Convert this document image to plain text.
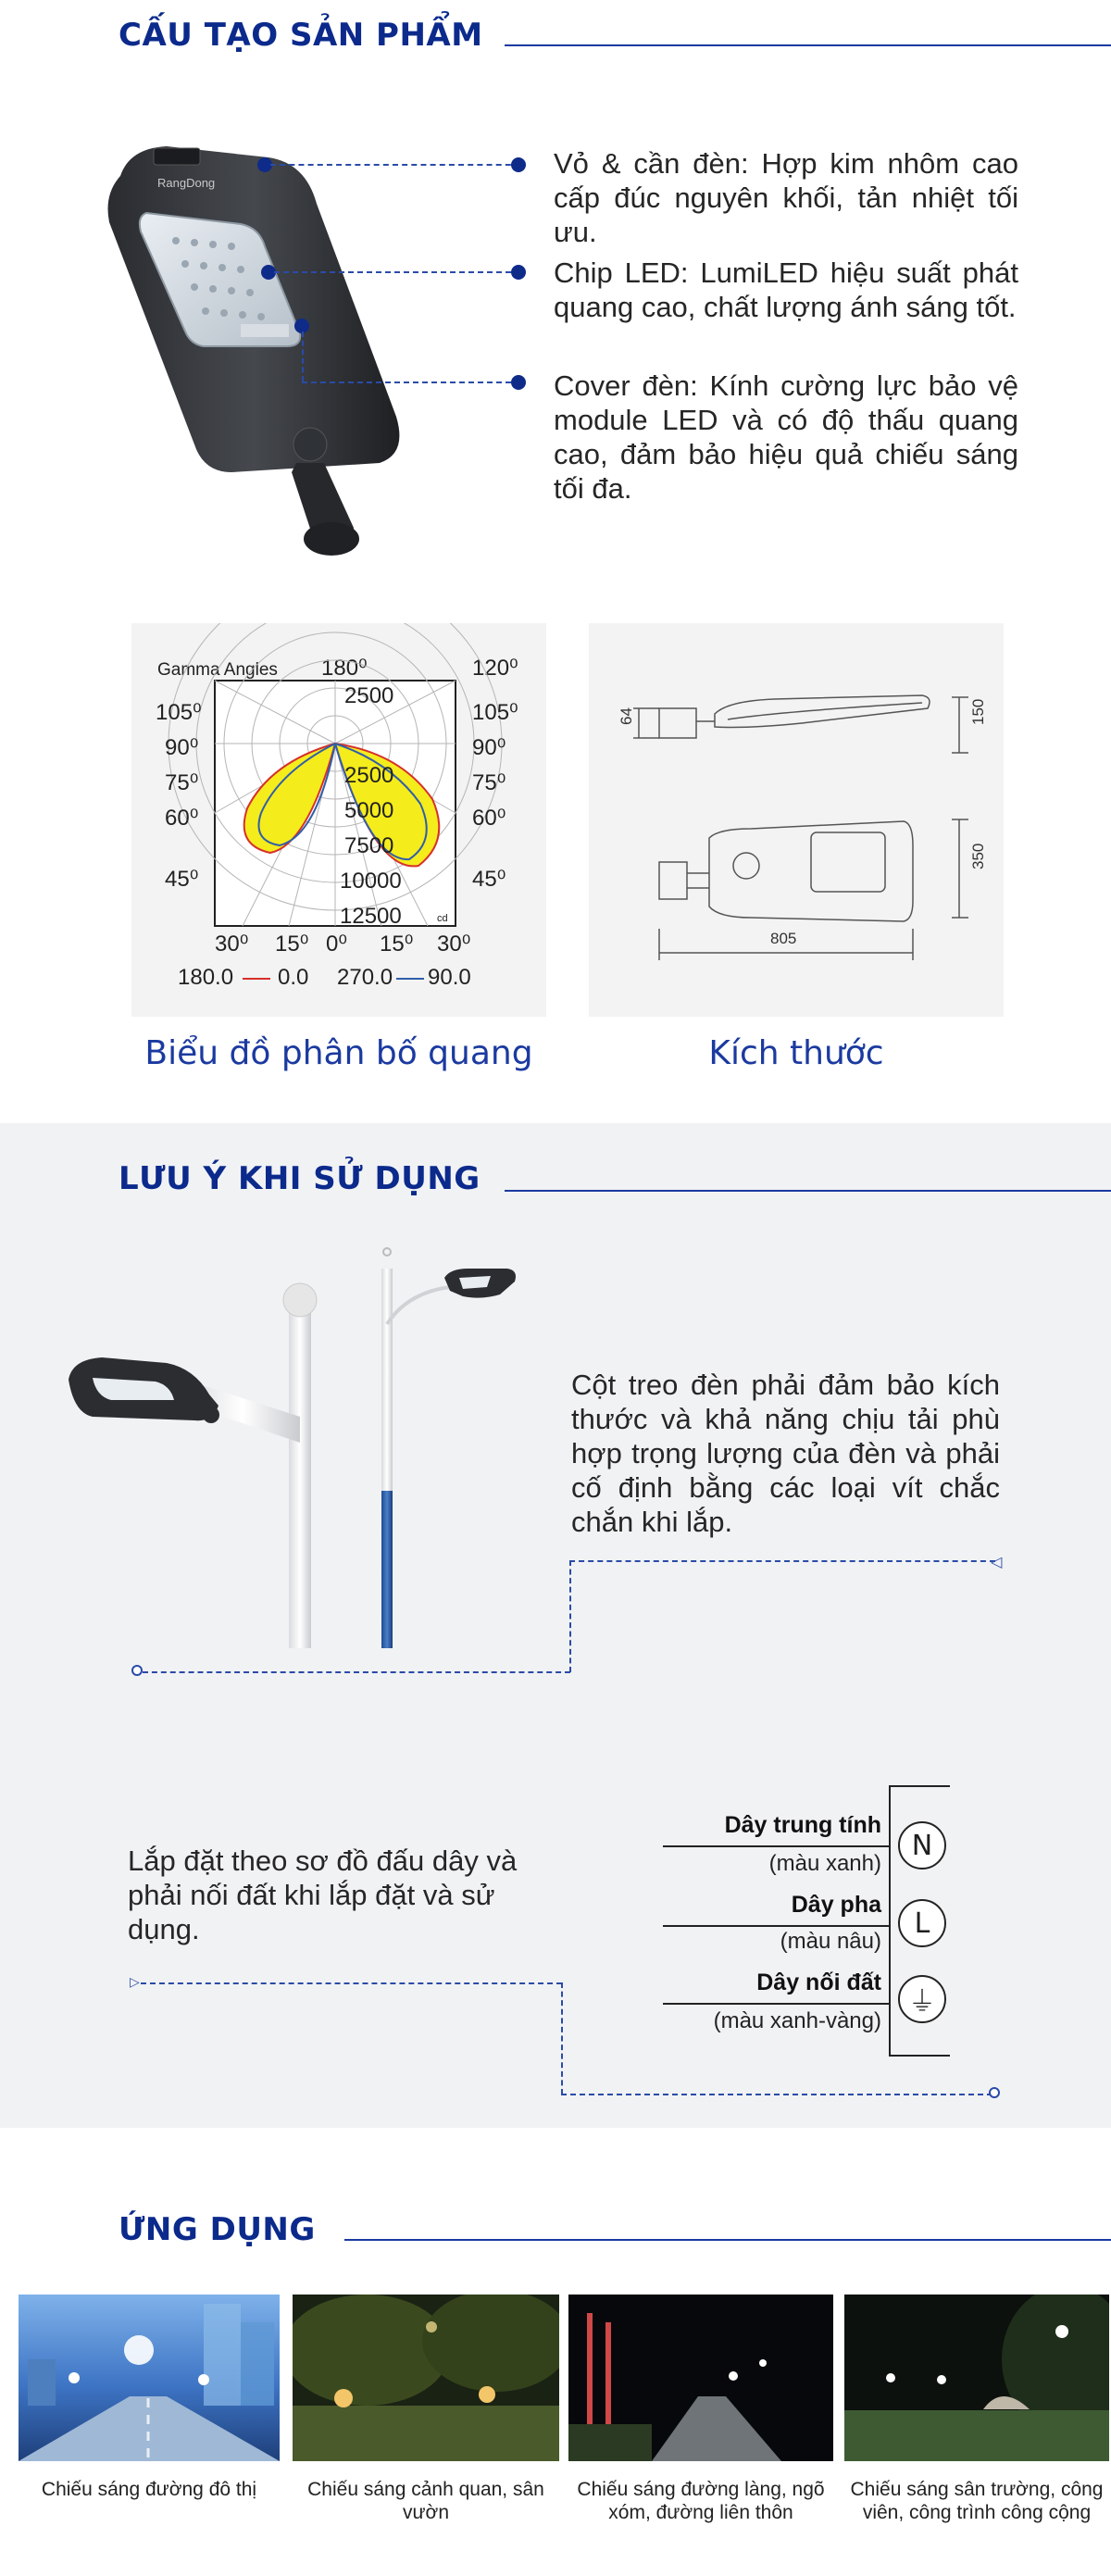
CẤU TẠO SẢN PHẨM
RangDong
Vỏ & cần đèn: Hợp kim nhôm cao cấp đúc nguyên khối, tản nhiệt tối ưu.
Chip LED: LumiLED hiệu suất phát quang cao, chất lượng ánh sáng tốt.
Cover đèn: Kính cường lực bảo vệ module LED và có độ thấu quang cao, đảm bảo hiệu quả chiếu sáng tối đa.
Gamma Angles 180⁰	120⁰
2500
2500
5000
7500
10000
12500	cd
105⁰
90⁰
75⁰
60⁰
45⁰
105⁰
90⁰
75⁰
60⁰
45⁰
30⁰ 15⁰ 0⁰ 15⁰ 30⁰
180.0 0.0 270.0 90.0
Biểu đồ phân bố quang
64	150
350
805
Kích thước
LƯU Ý KHI SỬ DỤNG
Cột treo đèn phải đảm bảo kích thước và khả năng chịu tải phù hợp trọng lượng của đèn và phải cố định bằng các loại vít chắc chắn khi lắp.
◁
Lắp đặt theo sơ đồ đấu dây và phải nối đất khi lắp đặt và sử dụng.
▷
Dây trung tính
(màu xanh)
N
Dây pha
(màu nâu)
L
Dây nối đất
(màu xanh-vàng)
⏚
ỨNG DỤNG
Chiếu sáng đường đô thị	Chiếu sáng cảnh quan, sân vườn
Chiếu sáng đường làng, ngõ xóm, đường liên thôn
Chiếu sáng sân trường, công viên, công trình công cộng
